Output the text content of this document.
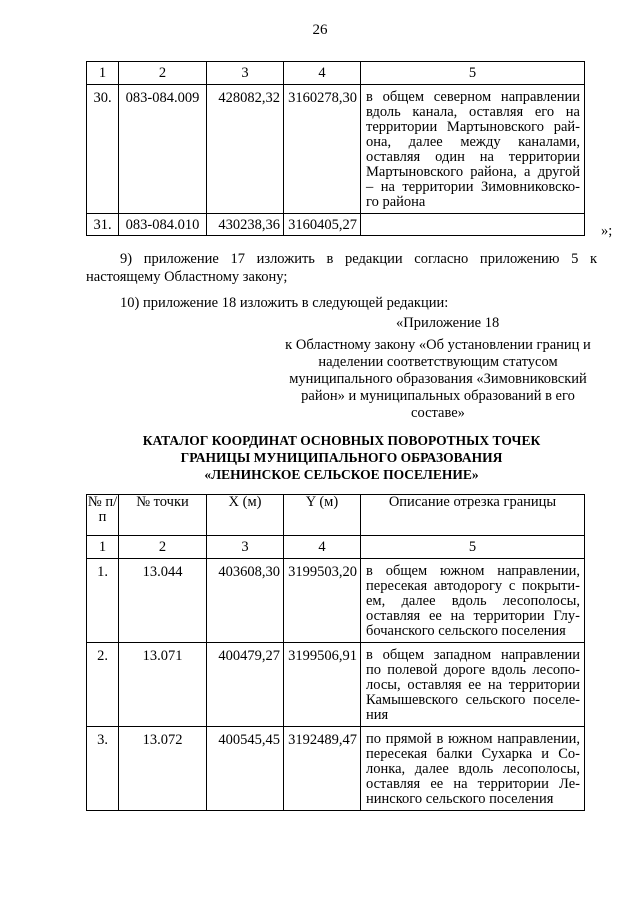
26
1	2	3	4	5
30.	083-084.009	428082,32	3160278,30	в общем северном направлении вдоль канала, оставляя его на территории Мартыновского рай-она, далее между каналами, оставляя один на территории Мартыновского района, а другой – на территории Зимовниковско-го района
31.	083-084.010	430238,36	3160405,27		»;
9) приложение 17 изложить в редакции согласно приложению 5 к настоящему Областному закону;
10) приложение 18 изложить в следующей редакции:
«Приложение 18
к Областному закону «Об установлении границ и наделении соответствующим статусом муниципального образования «Зимовниковский район» и муниципальных образований в его составе»
КАТАЛОГ КООРДИНАТ ОСНОВНЫХ ПОВОРОТНЫХ ТОЧЕК
ГРАНИЦЫ МУНИЦИПАЛЬНОГО ОБРАЗОВАНИЯ
«ЛЕНИНСКОЕ СЕЛЬСКОЕ ПОСЕЛЕНИЕ»
№ п/п	№ точки	X (м)	Y (м)	Описание отрезка границы
1	2	3	4	5
1.	13.044	403608,30	3199503,20	в общем южном направлении, пересекая автодорогу с покрыти-ем, далее вдоль лесополосы, оставляя ее на территории Глу-бочанского сельского поселения
2.	13.071	400479,27	3199506,91	в общем западном направлении по полевой дороге вдоль лесопо-лосы, оставляя ее на территории Камышевского сельского поселе-ния
3.	13.072	400545,45	3192489,47	по прямой в южном направлении, пересекая балки Сухарка и Со-лонка, далее вдоль лесополосы, оставляя ее на территории Ле-нинского сельского поселения
